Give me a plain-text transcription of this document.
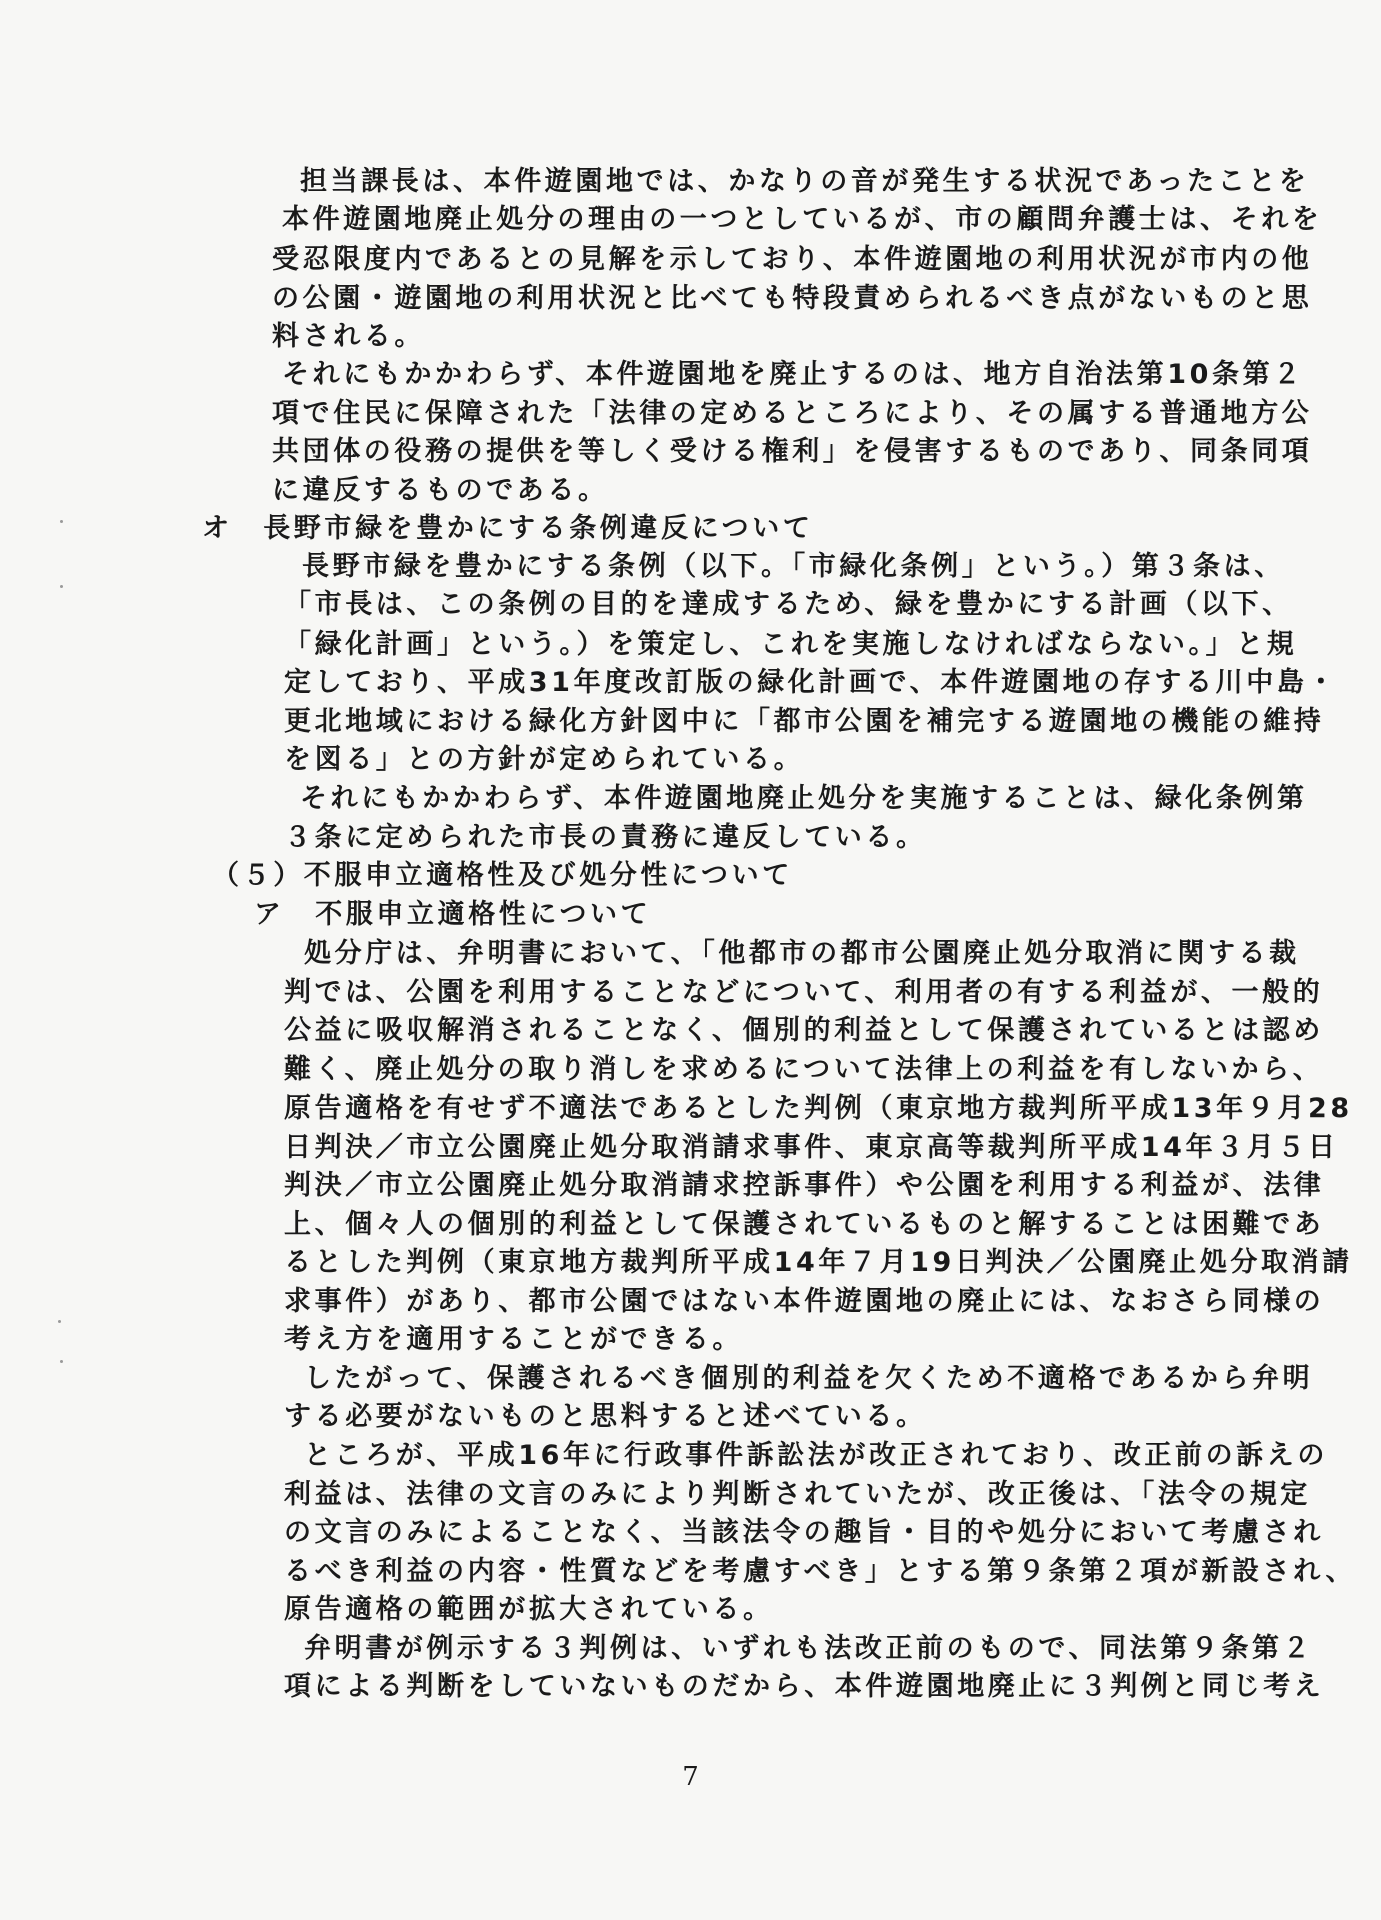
担当課長は、本件遊園地では、かなりの音が発生する状況であったことを
本件遊園地廃止処分の理由の一つとしているが、市の顧問弁護士は、それを
受忍限度内であるとの見解を示しており、本件遊園地の利用状況が市内の他
の公園・遊園地の利用状況と比べても特段責められるべき点がないものと思
料される。
それにもかかわらず、本件遊園地を廃止するのは、地方自治法第10条第２
項で住民に保障された「法律の定めるところにより、その属する普通地方公
共団体の役務の提供を等しく受ける権利」を侵害するものであり、同条同項
に違反するものである。
オ　長野市緑を豊かにする条例違反について
長野市緑を豊かにする条例（以下。「市緑化条例」という。）第３条は、
「市長は、この条例の目的を達成するため、緑を豊かにする計画（以下、
「緑化計画」という。）を策定し、これを実施しなければならない。」と規
定しており、平成31年度改訂版の緑化計画で、本件遊園地の存する川中島・
更北地域における緑化方針図中に「都市公園を補完する遊園地の機能の維持
を図る」との方針が定められている。
それにもかかわらず、本件遊園地廃止処分を実施することは、緑化条例第
３条に定められた市長の責務に違反している。
（５）不服申立適格性及び処分性について
ア　不服申立適格性について
処分庁は、弁明書において、「他都市の都市公園廃止処分取消に関する裁
判では、公園を利用することなどについて、利用者の有する利益が、一般的
公益に吸収解消されることなく、個別的利益として保護されているとは認め
難く、廃止処分の取り消しを求めるについて法律上の利益を有しないから、
原告適格を有せず不適法であるとした判例（東京地方裁判所平成13年９月28
日判決／市立公園廃止処分取消請求事件、東京高等裁判所平成14年３月５日
判決／市立公園廃止処分取消請求控訴事件）や公園を利用する利益が、法律
上、個々人の個別的利益として保護されているものと解することは困難であ
るとした判例（東京地方裁判所平成14年７月19日判決／公園廃止処分取消請
求事件）があり、都市公園ではない本件遊園地の廃止には、なおさら同様の
考え方を適用することができる。
したがって、保護されるべき個別的利益を欠くため不適格であるから弁明
する必要がないものと思料すると述べている。
ところが、平成16年に行政事件訴訟法が改正されており、改正前の訴えの
利益は、法律の文言のみにより判断されていたが、改正後は、「法令の規定
の文言のみによることなく、当該法令の趣旨・目的や処分において考慮され
るべき利益の内容・性質などを考慮すべき」とする第９条第２項が新設され、
原告適格の範囲が拡大されている。
弁明書が例示する３判例は、いずれも法改正前のもので、同法第９条第２
項による判断をしていないものだから、本件遊園地廃止に３判例と同じ考え
7
